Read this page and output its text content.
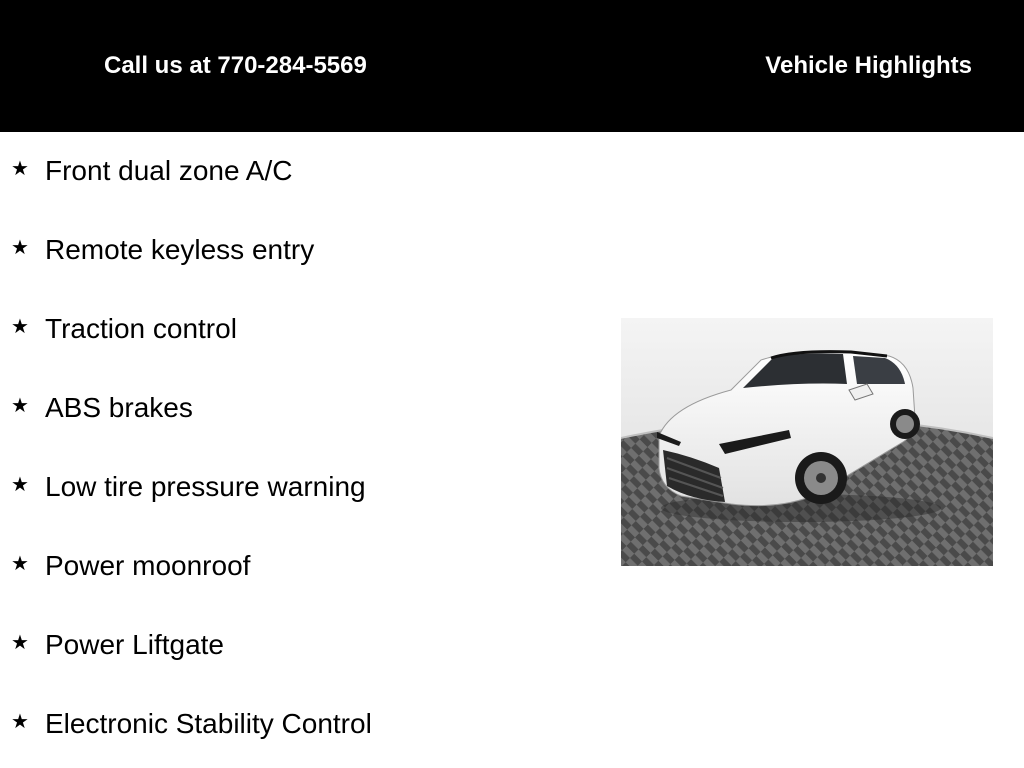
Call us at 770-284-5569	Vehicle Highlights
★ Front dual zone A/C
★ Remote keyless entry
★ Traction control
★ ABS brakes
★ Low tire pressure warning
★ Power moonroof
★ Power Liftgate
★ Electronic Stability Control
